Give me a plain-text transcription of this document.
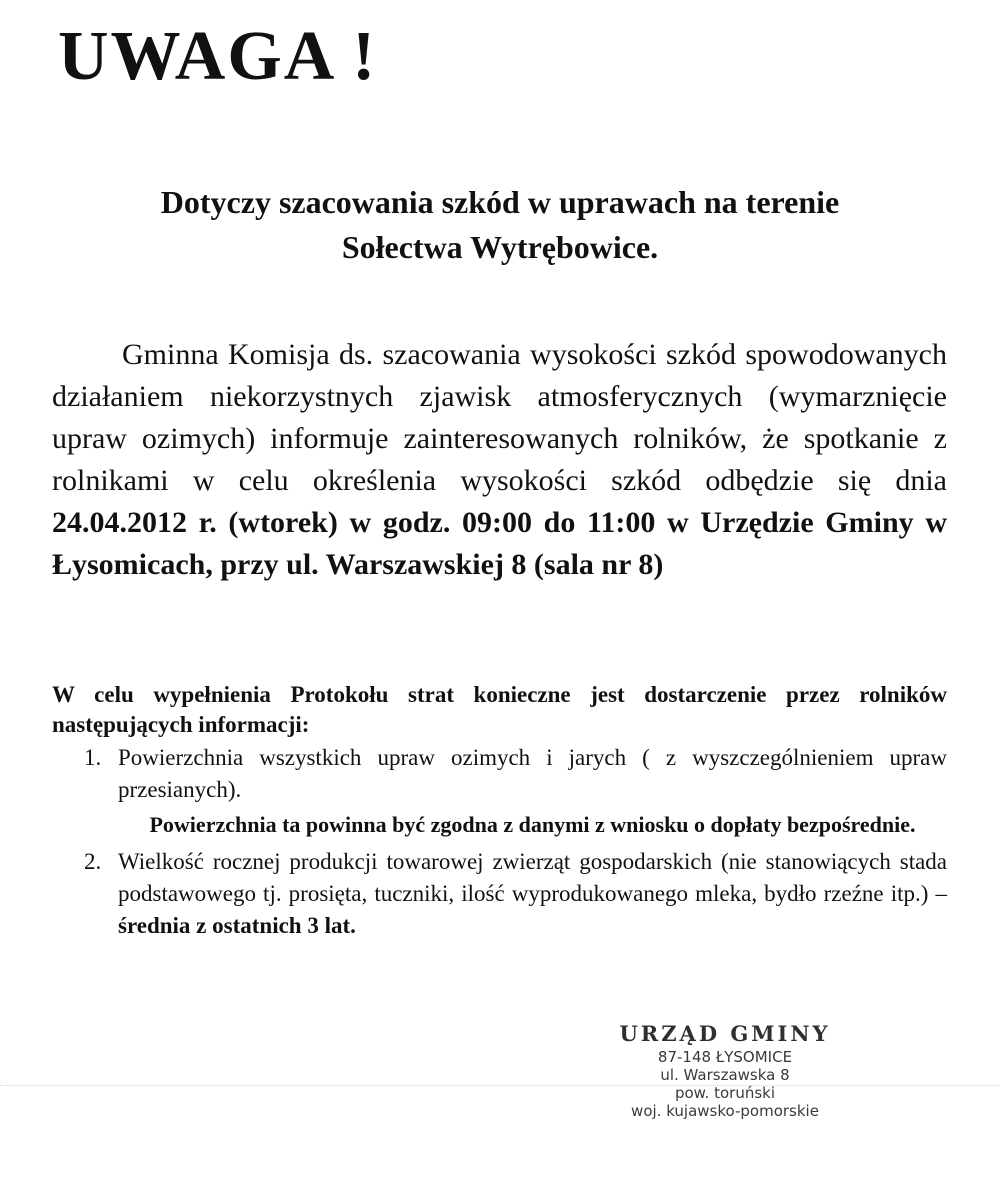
UWAGA !
Dotyczy szacowania szkód w uprawach na terenie
Sołectwa Wytrębowice.

Gminna Komisja ds. szacowania wysokości szkód spowodowanych działaniem niekorzystnych zjawisk atmosferycznych (wymarznięcie upraw ozimych) informuje zainteresowanych rolników, że spotkanie z rolnikami w celu określenia wysokości szkód odbędzie się dnia 24.04.2012 r. (wtorek) w godz. 09:00 do 11:00 w Urzędzie Gminy w Łysomicach, przy ul. Warszawskiej 8 (sala nr 8)

W celu wypełnienia Protokołu strat konieczne jest dostarczenie przez rolników następujących informacji:
1. Powierzchnia wszystkich upraw ozimych i jarych ( z wyszczególnieniem upraw przesianych).
Powierzchnia ta powinna być zgodna z danymi z wniosku o dopłaty bezpośrednie.
2. Wielkość rocznej produkcji towarowej zwierząt gospodarskich (nie stanowiących stada podstawowego tj. prosięta, tuczniki, ilość wyprodukowanego mleka, bydło rzeźne itp.) – średnia z ostatnich 3 lat.
URZĄD GMINY
87-148 ŁYSOMICE
ul. Warszawska 8
pow. toruński
woj. kujawsko-pomorskie
